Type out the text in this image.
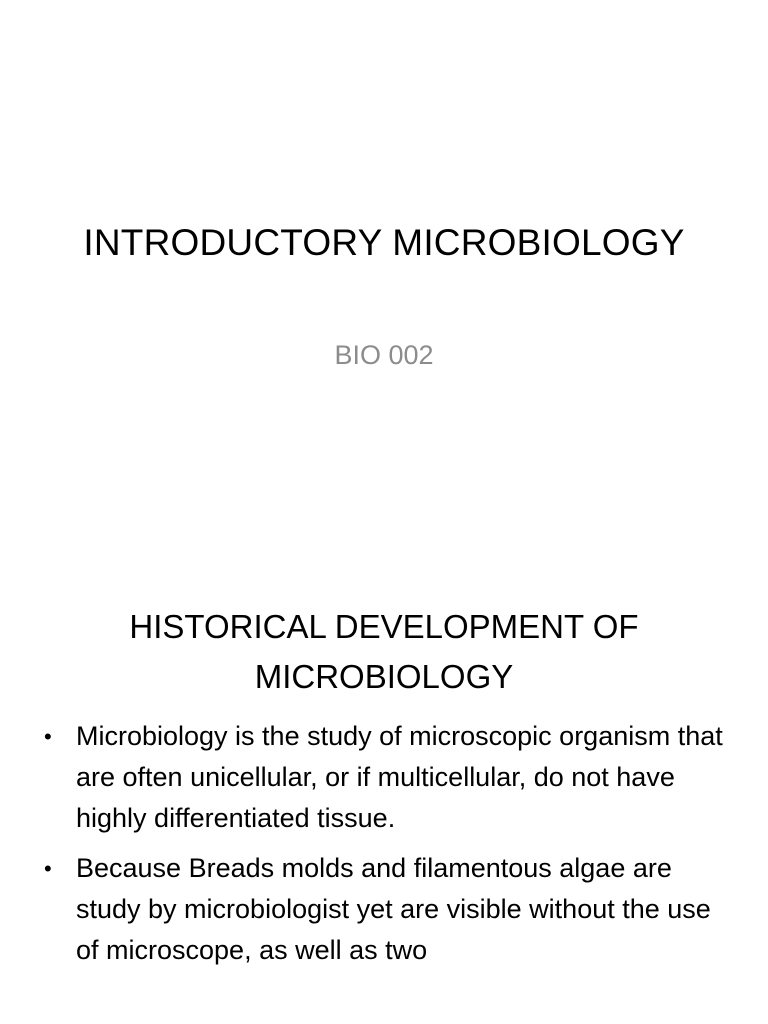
INTRODUCTORY MICROBIOLOGY
BIO 002
HISTORICAL DEVELOPMENT OF
MICROBIOLOGY
• Microbiology is the study of microscopic organism that are often unicellular, or if multicellular, do not have highly differentiated tissue.
• Because Breads molds and filamentous algae are study by microbiologist yet are visible without the use of microscope, as well as two
